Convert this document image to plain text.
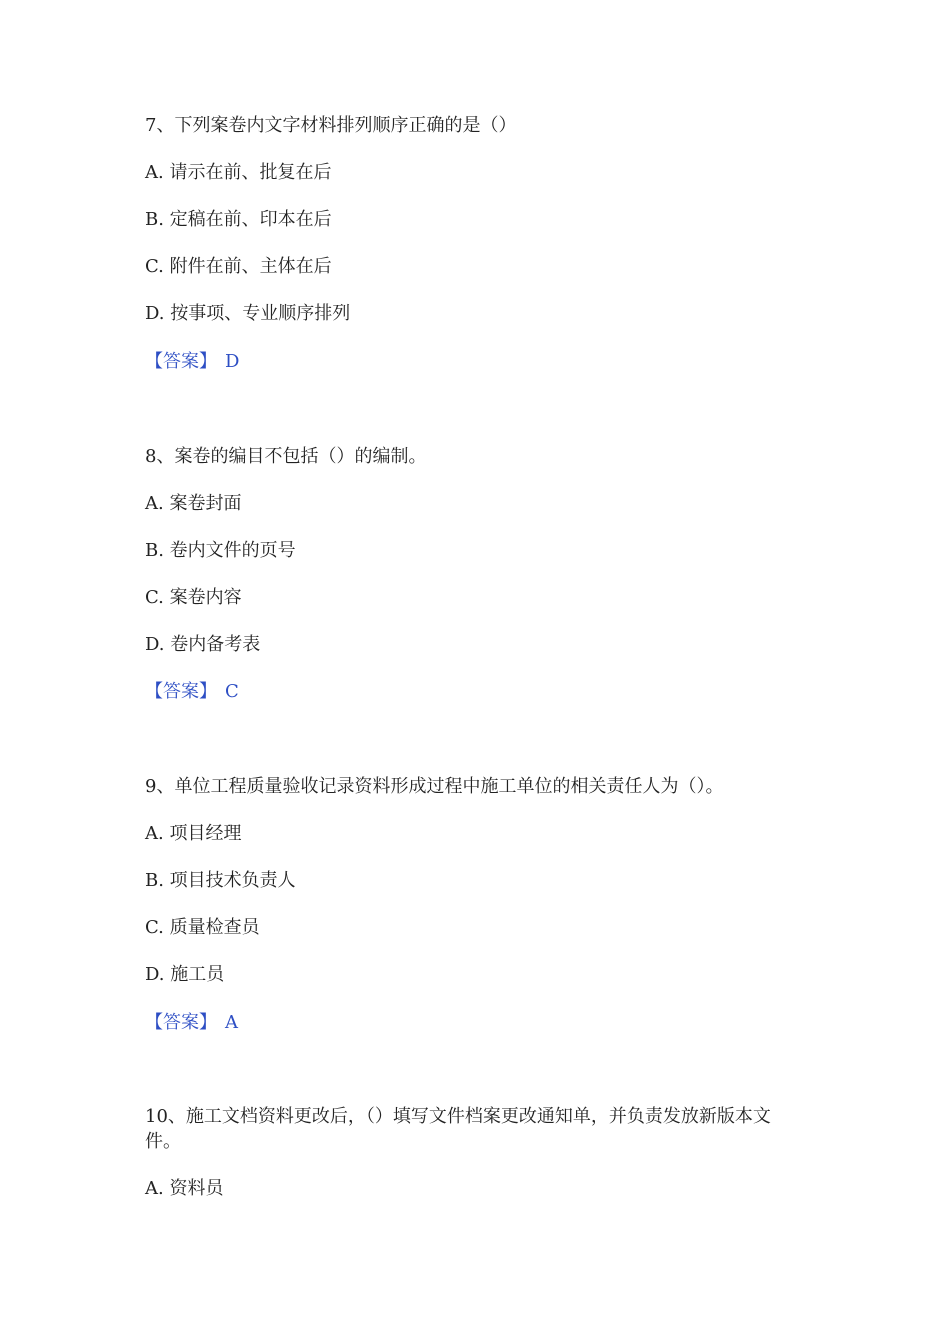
7、下列案卷内文字材料排列顺序正确的是（）
A. 请示在前、批复在后
B. 定稿在前、印本在后
C. 附件在前、主体在后
D. 按事项、专业顺序排列
【答案】 D
8、案卷的编目不包括（）的编制。
A. 案卷封面
B. 卷内文件的页号
C. 案卷内容
D. 卷内备考表
【答案】 C
9、单位工程质量验收记录资料形成过程中施工单位的相关责任人为（）。
A. 项目经理
B. 项目技术负责人
C. 质量检查员
D. 施工员
【答案】 A
10、施工文档资料更改后，（）填写文件档案更改通知单，并负责发放新版本文件。
A. 资料员
